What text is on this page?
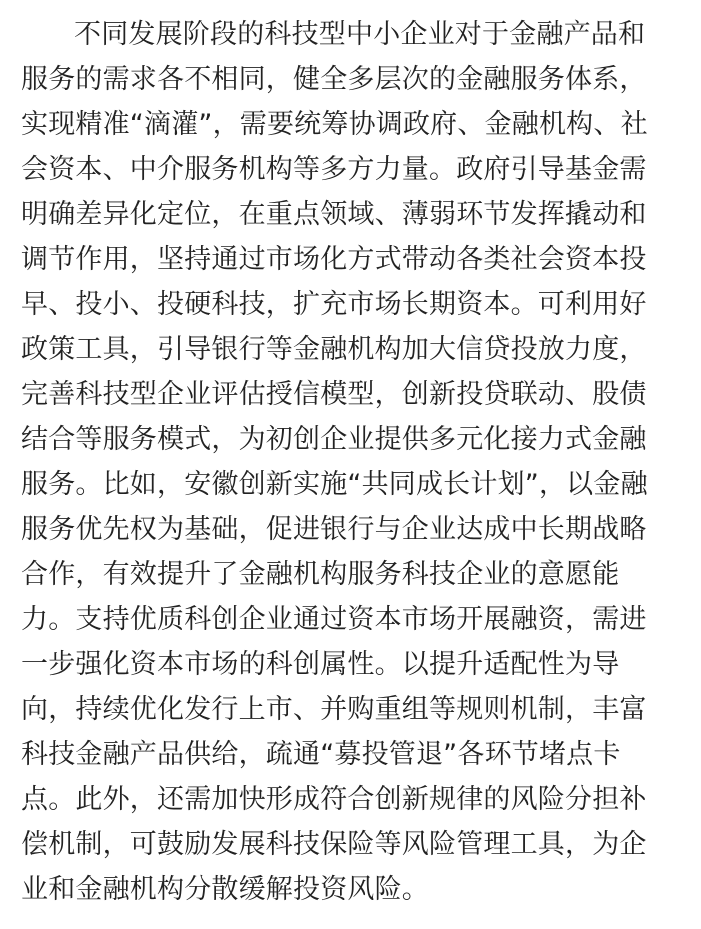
不同发展阶段的科技型中小企业对于金融产品和
服务的需求各不相同，健全多层次的金融服务体系，
实现精准“滴灌”，需要统筹协调政府、金融机构、社
会资本、中介服务机构等多方力量。政府引导基金需
明确差异化定位，在重点领域、薄弱环节发挥撬动和
调节作用，坚持通过市场化方式带动各类社会资本投
早、投小、投硬科技，扩充市场长期资本。可利用好
政策工具，引导银行等金融机构加大信贷投放力度，
完善科技型企业评估授信模型，创新投贷联动、股债
结合等服务模式，为初创企业提供多元化接力式金融
服务。比如，安徽创新实施“共同成长计划”，以金融
服务优先权为基础，促进银行与企业达成中长期战略
合作，有效提升了金融机构服务科技企业的意愿能
力。支持优质科创企业通过资本市场开展融资，需进
一步强化资本市场的科创属性。以提升适配性为导
向，持续优化发行上市、并购重组等规则机制，丰富
科技金融产品供给，疏通“募投管退”各环节堵点卡
点。此外，还需加快形成符合创新规律的风险分担补
偿机制，可鼓励发展科技保险等风险管理工具，为企
业和金融机构分散缓解投资风险。
